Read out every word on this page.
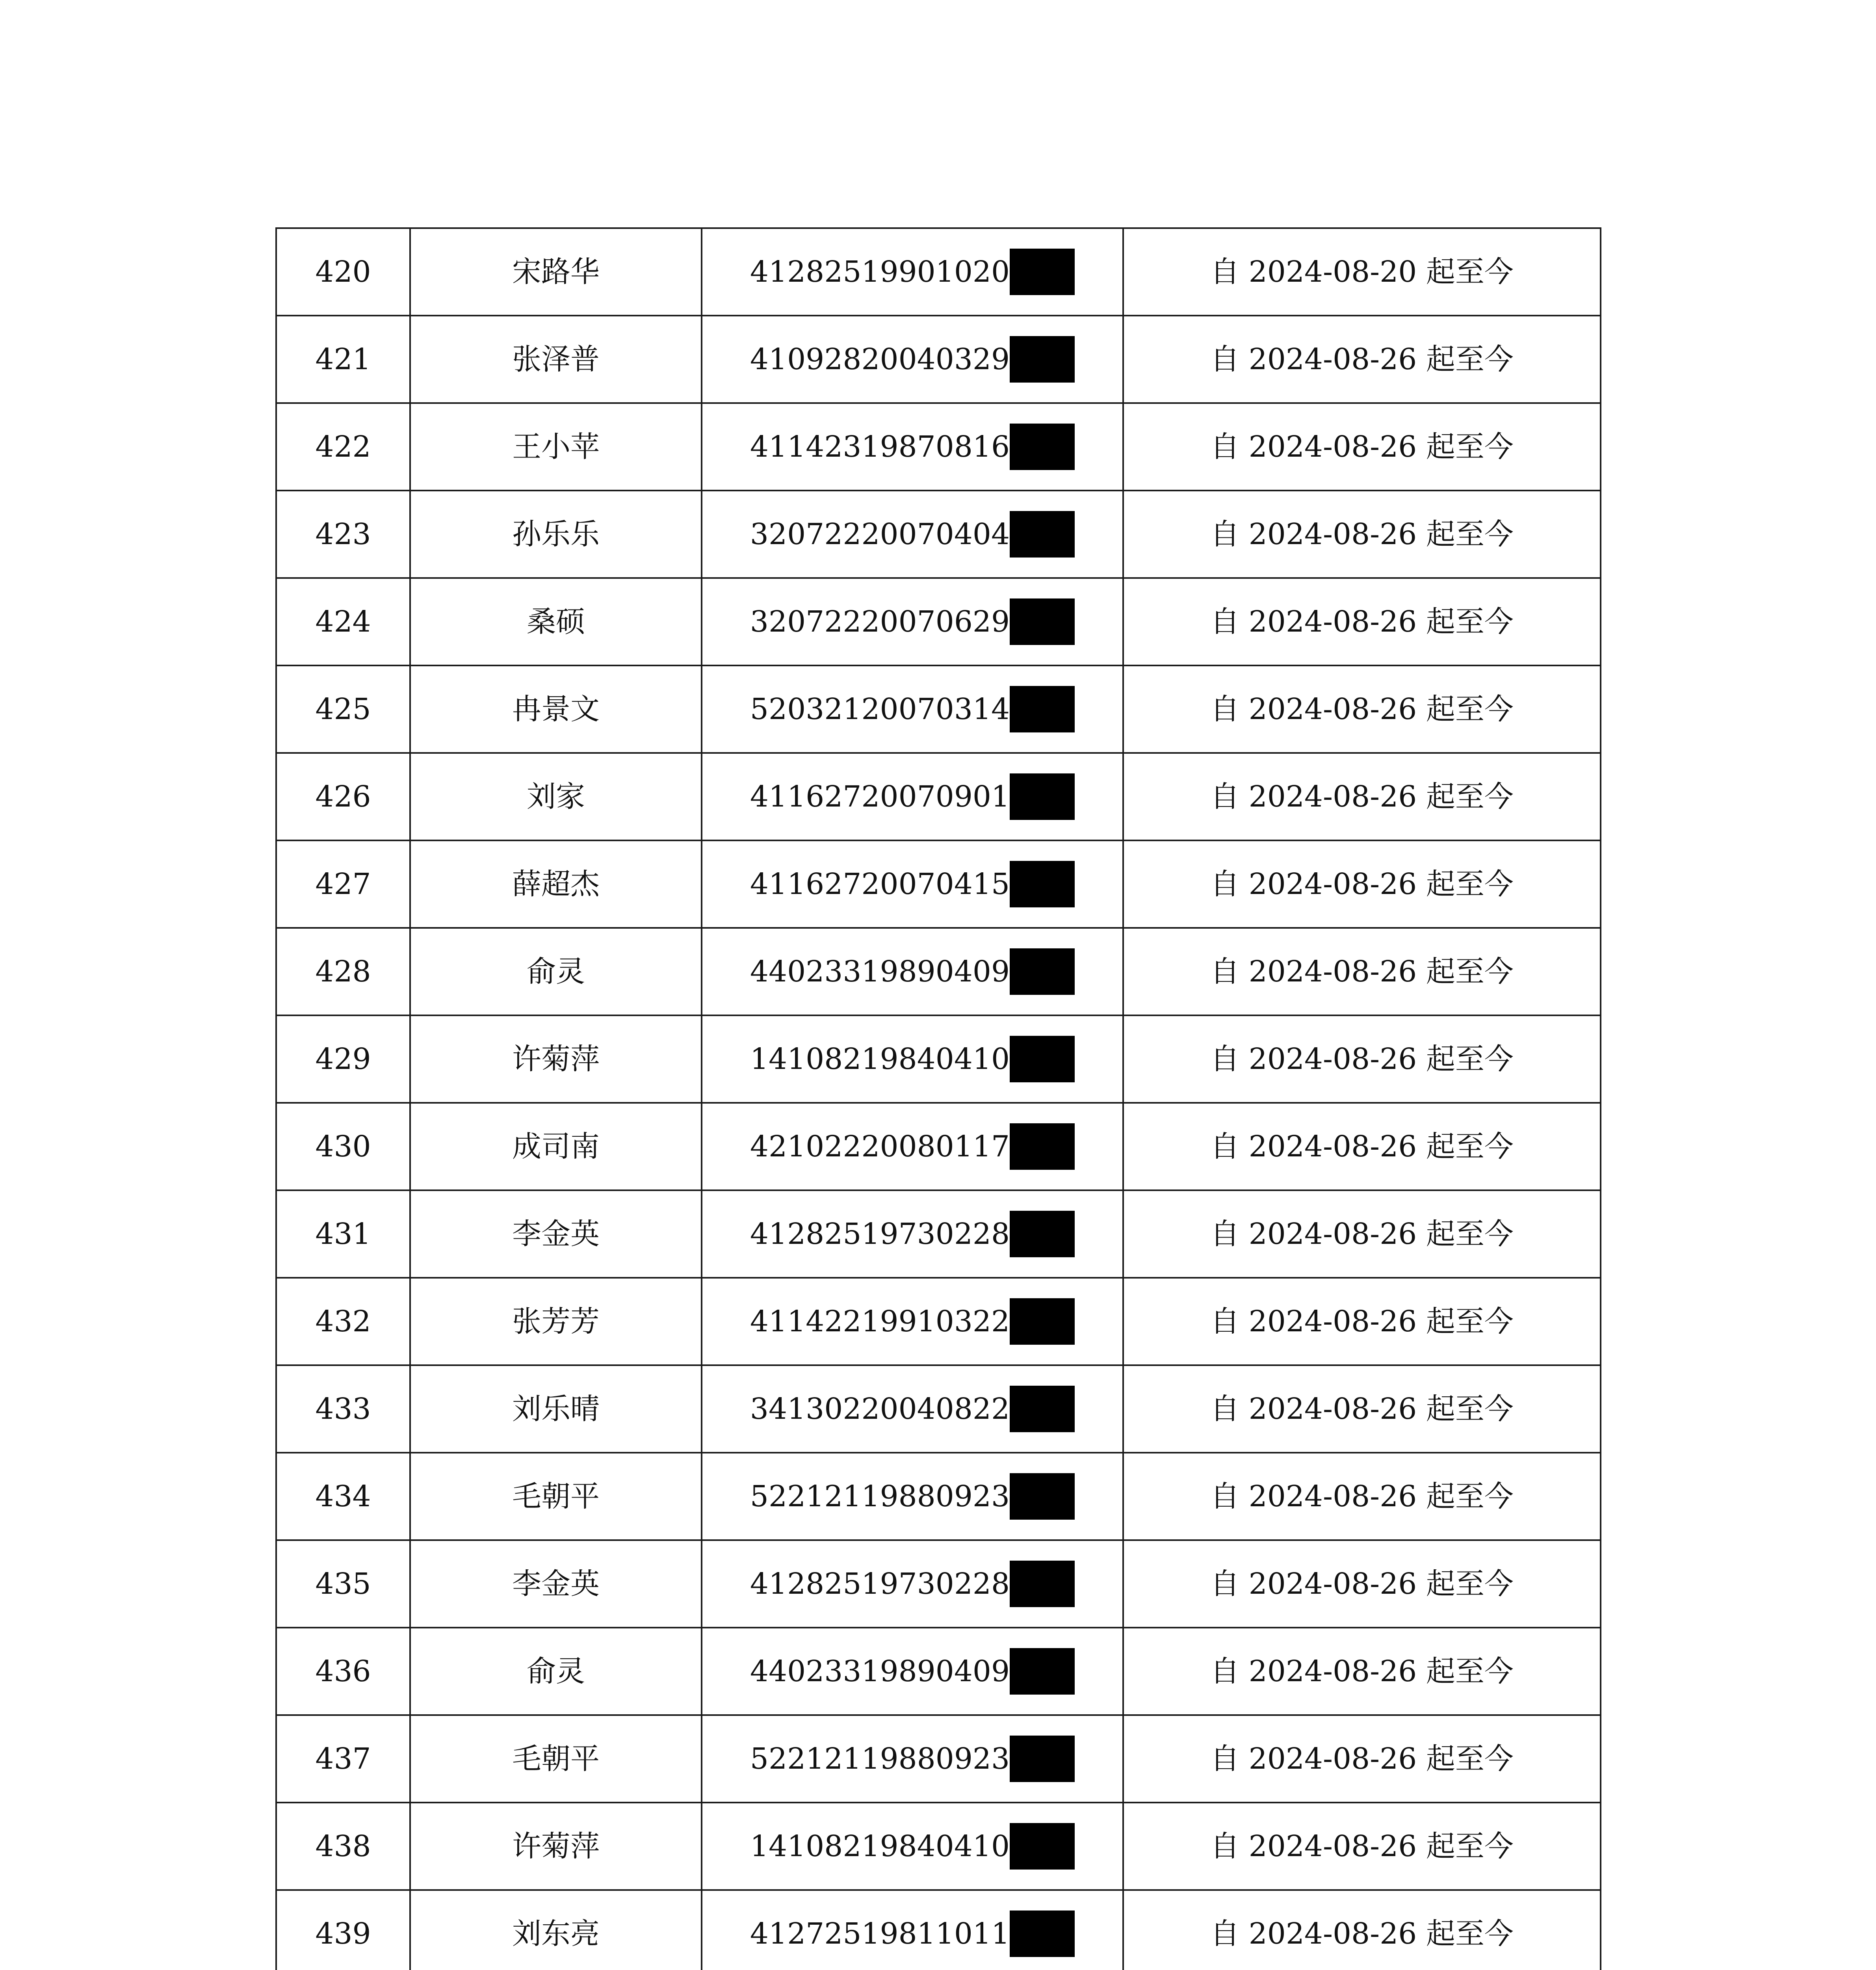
420	宋路华	41282519901020	自 2024-08-20 起至今
421	张泽普	41092820040329	自 2024-08-26 起至今
422	王小苹	41142319870816	自 2024-08-26 起至今
423	孙乐乐	32072220070404	自 2024-08-26 起至今
424	桑硕	32072220070629	自 2024-08-26 起至今
425	冉景文	52032120070314	自 2024-08-26 起至今
426	刘家	41162720070901	自 2024-08-26 起至今
427	薛超杰	41162720070415	自 2024-08-26 起至今
428	俞灵	44023319890409	自 2024-08-26 起至今
429	许菊萍	14108219840410	自 2024-08-26 起至今
430	成司南	42102220080117	自 2024-08-26 起至今
431	李金英	41282519730228	自 2024-08-26 起至今
432	张芳芳	41142219910322	自 2024-08-26 起至今
433	刘乐晴	34130220040822	自 2024-08-26 起至今
434	毛朝平	52212119880923	自 2024-08-26 起至今
435	李金英	41282519730228	自 2024-08-26 起至今
436	俞灵	44023319890409	自 2024-08-26 起至今
437	毛朝平	52212119880923	自 2024-08-26 起至今
438	许菊萍	14108219840410	自 2024-08-26 起至今
439	刘东亮	41272519811011	自 2024-08-26 起至今
